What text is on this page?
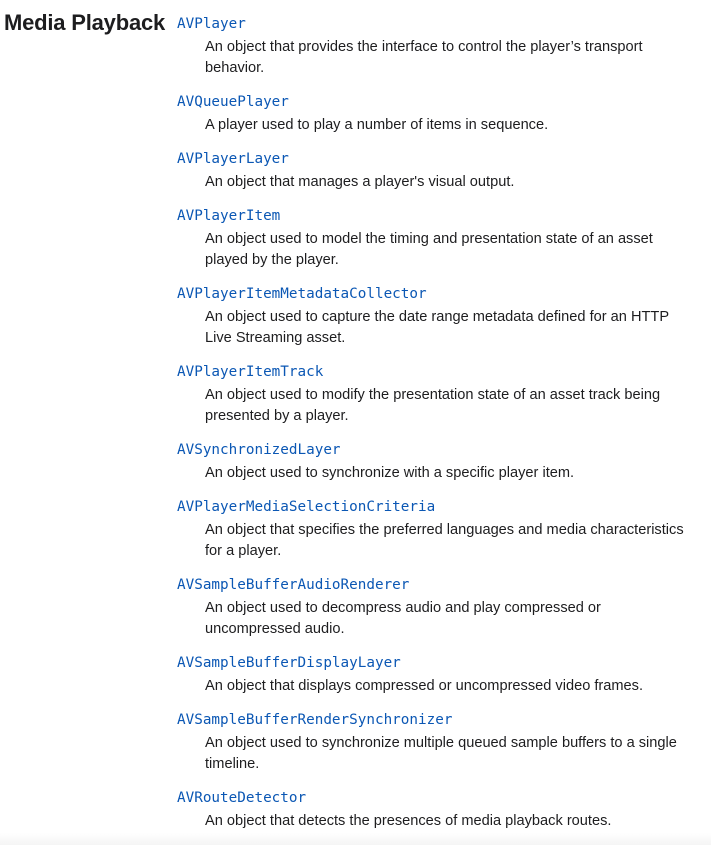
Media Playback AVPlayer
An object that provides the interface to control the player’s transport behavior.
AVQueuePlayer
A player used to play a number of items in sequence.
AVPlayerLayer
An object that manages a player's visual output.
AVPlayerItem
An object used to model the timing and presentation state of an asset played by the player.
AVPlayerItemMetadataCollector
An object used to capture the date range metadata defined for an HTTP Live Streaming asset.
AVPlayerItemTrack
An object used to modify the presentation state of an asset track being presented by a player.
AVSynchronizedLayer
An object used to synchronize with a specific player item.
AVPlayerMediaSelectionCriteria
An object that specifies the preferred languages and media characteristics for a player.
AVSampleBufferAudioRenderer
An object used to decompress audio and play compressed or uncompressed audio.
AVSampleBufferDisplayLayer
An object that displays compressed or uncompressed video frames.
AVSampleBufferRenderSynchronizer
An object used to synchronize multiple queued sample buffers to a single timeline.
AVRouteDetector
An object that detects the presences of media playback routes.
